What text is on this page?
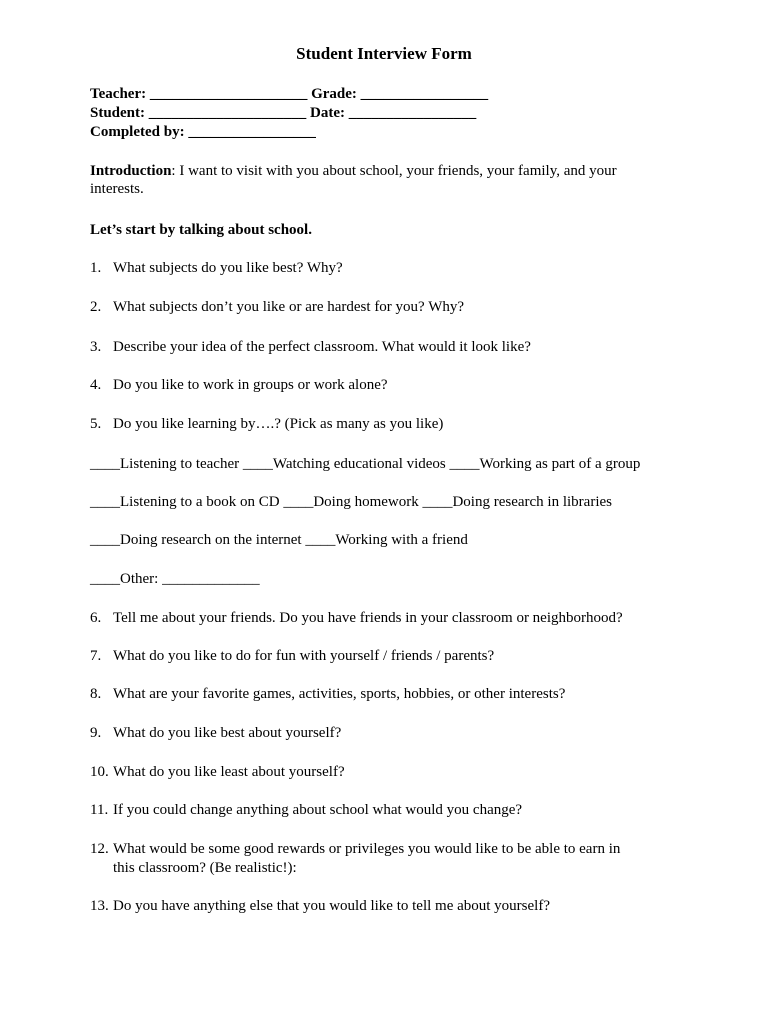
Student Interview Form
Teacher: _____________________ Grade: _________________
Student: _____________________ Date: _________________
Completed by: _________________
Introduction: I want to visit with you about school, your friends, your family, and your
interests.
Let’s start by talking about school.
1. What subjects do you like best? Why?
2. What subjects don’t you like or are hardest for you? Why?
3. Describe your idea of the perfect classroom. What would it look like?
4. Do you like to work in groups or work alone?
5. Do you like learning by….? (Pick as many as you like)
____Listening to teacher ____Watching educational videos ____Working as part of a group
____Listening to a book on CD ____Doing homework ____Doing research in libraries
____Doing research on the internet ____Working with a friend
____Other: _____________
6. Tell me about your friends. Do you have friends in your classroom or neighborhood?
7. What do you like to do for fun with yourself / friends / parents?
8. What are your favorite games, activities, sports, hobbies, or other interests?
9. What do you like best about yourself?
10. What do you like least about yourself?
11. If you could change anything about school what would you change?
12. What would be some good rewards or privileges you would like to be able to earn in this classroom? (Be realistic!):
13. Do you have anything else that you would like to tell me about yourself?
